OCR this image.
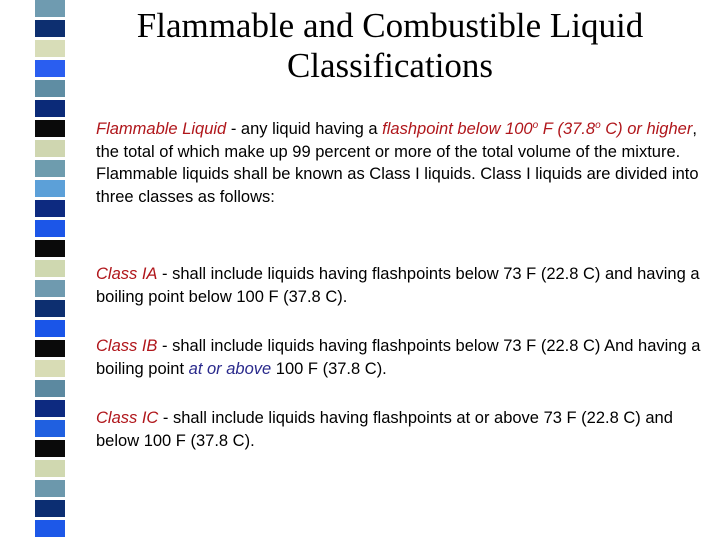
Flammable and Combustible Liquid
Classifications
Flammable Liquid - any liquid having a flashpoint below 100$^o$ F (37.8$^o$ C) or higher, the total of which make up 99 percent or more of the total volume of the mixture. Flammable liquids shall be known as Class I liquids. Class I liquids are divided into three classes as follows:
Class IA - shall include liquids having flashpoints below 73 F (22.8 C) and having a boiling point below 100 F (37.8 C).
Class IB - shall include liquids having flashpoints below 73 F (22.8 C) And having a boiling point at or above 100 F (37.8 C).
Class IC - shall include liquids having flashpoints at or above 73 F (22.8 C) and below 100 F (37.8 C).
